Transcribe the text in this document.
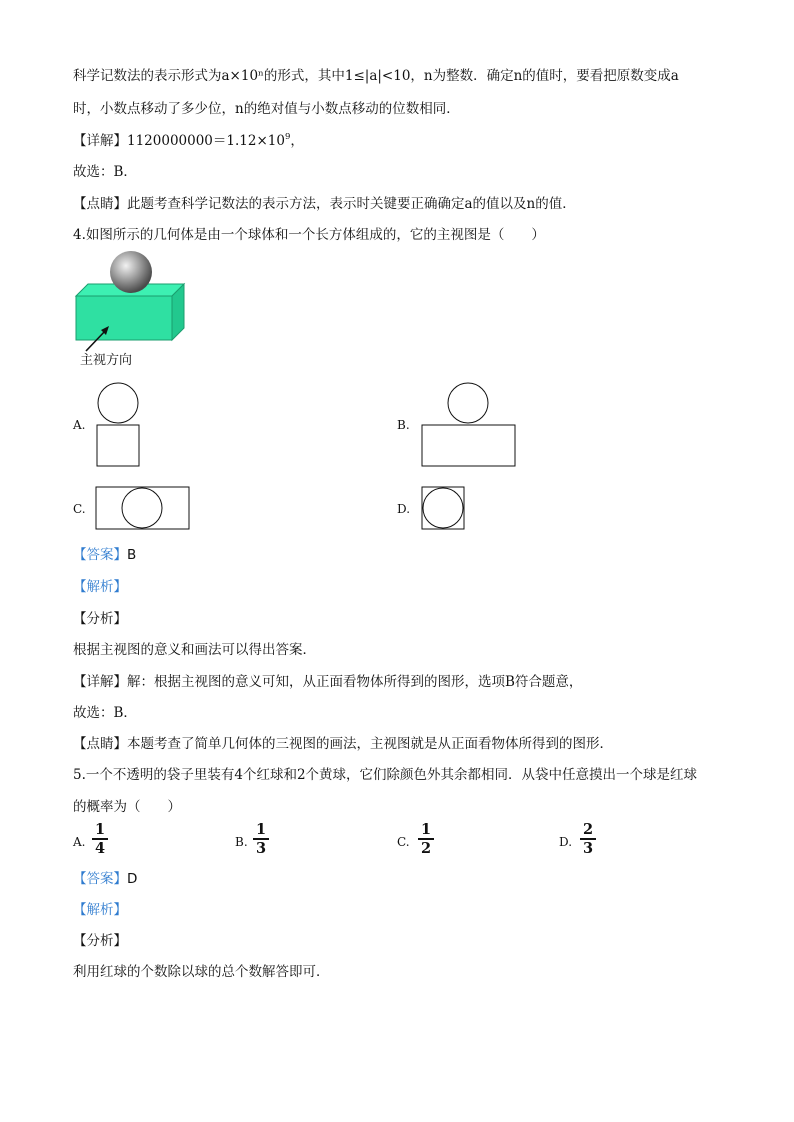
科学记数法的表示形式为a×10ⁿ的形式，其中1≤|a|<10，n为整数．确定n的值时，要看把原数变成a
时，小数点移动了多少位，n的绝对值与小数点移动的位数相同．
【详解】$1120000000=1.12\times 10^9$，
故选：B．
【点睛】此题考查科学记数法的表示方法，表示时关键要正确确定a的值以及n的值．
4.如图所示的几何体是由一个球体和一个长方体组成的，它的主视图是（　　）
主视方向
A.	B.
C.	D.
【答案】B
【解析】
【分析】
根据主视图的意义和画法可以得出答案．
【详解】解：根据主视图的意义可知，从正面看物体所得到的图形，选项B符合题意，
故选：B．
【点睛】本题考查了简单几何体的三视图的画法，主视图就是从正面看物体所得到的图形．
5.一个不透明的袋子里装有4个红球和2个黄球，它们除颜色外其余都相同．从袋中任意摸出一个球是红球
的概率为（　　）
A. $\frac{1}{4}$	B. $\frac{1}{3}$	C. $\frac{1}{2}$	D. $\frac{2}{3}$
【答案】D
【解析】
【分析】
利用红球的个数除以球的总个数解答即可．
